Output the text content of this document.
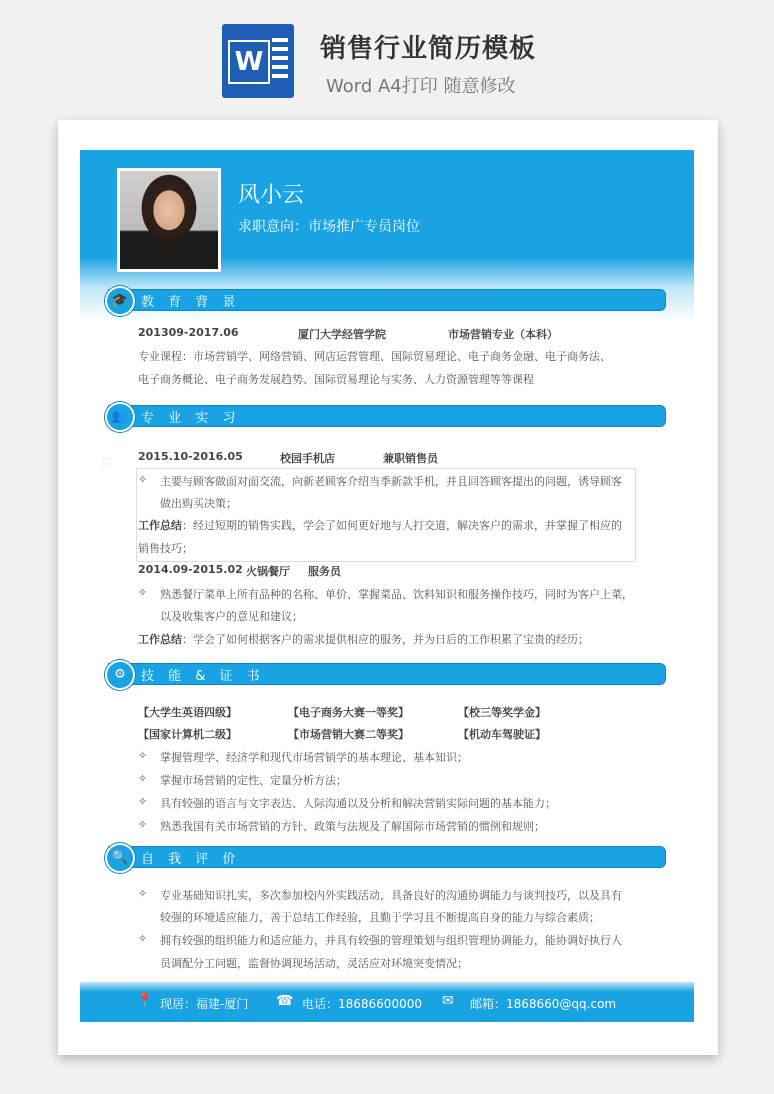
W 销售行业简历模板
Word A4打印 随意修改
✧
风小云
求职意向：市场推广专员岗位
🎓 教 育 背 景
201309-2017.06	厦门大学经管学院	市场营销专业（本科）
专业课程：市场营销学、网络营销、网店运营管理、国际贸易理论、电子商务金融、电子商务法、
电子商务概论、电子商务发展趋势、国际贸易理论与实务、人力资源管理等等课程
👥 专 业 实 习
2015.10-2016.05	校园手机店	兼职销售员
✧ 主要与顾客做面对面交流，向新老顾客介绍当季新款手机，并且回答顾客提出的问题，诱导顾客
做出购买决策；
工作总结：经过短期的销售实践，学会了如何更好地与人打交道，解决客户的需求，并掌握了相应的
销售技巧；
2014.09-2015.02 火锅餐厅 服务员
✧ 熟悉餐厅菜单上所有品种的名称、单价、掌握菜品、饮料知识和服务操作技巧，同时为客户上菜，
以及收集客户的意见和建议；
工作总结：学会了如何根据客户的需求提供相应的服务，并为日后的工作积累了宝贵的经历；
⚙	技 能 & 证 书
【大学生英语四级】	【电子商务大赛一等奖】	【校三等奖学金】
【国家计算机二级】	【市场营销大赛二等奖】	【机动车驾驶证】
✧ 掌握管理学、经济学和现代市场营销学的基本理论、基本知识；
✧ 掌握市场营销的定性、定量分析方法；
✧ 具有较强的语言与文字表达、人际沟通以及分析和解决营销实际问题的基本能力；
✧ 熟悉我国有关市场营销的方针、政策与法规及了解国际市场营销的惯例和规则；
🔍 自 我 评 价
✧ 专业基础知识扎实，多次参加校内外实践活动，具备良好的沟通协调能力与谈判技巧，以及具有
较强的环境适应能力，善于总结工作经验，且勤于学习且不断提高自身的能力与综合素质；
✧ 拥有较强的组织能力和适应能力，并具有较强的管理策划与组织管理协调能力，能协调好执行人
员调配分工问题，监督协调现场活动，灵活应对环境突变情况；
📍 现居：福建-厦门 ☎ 电话：18686600000 ✉ 邮箱：1868660@qq.com
